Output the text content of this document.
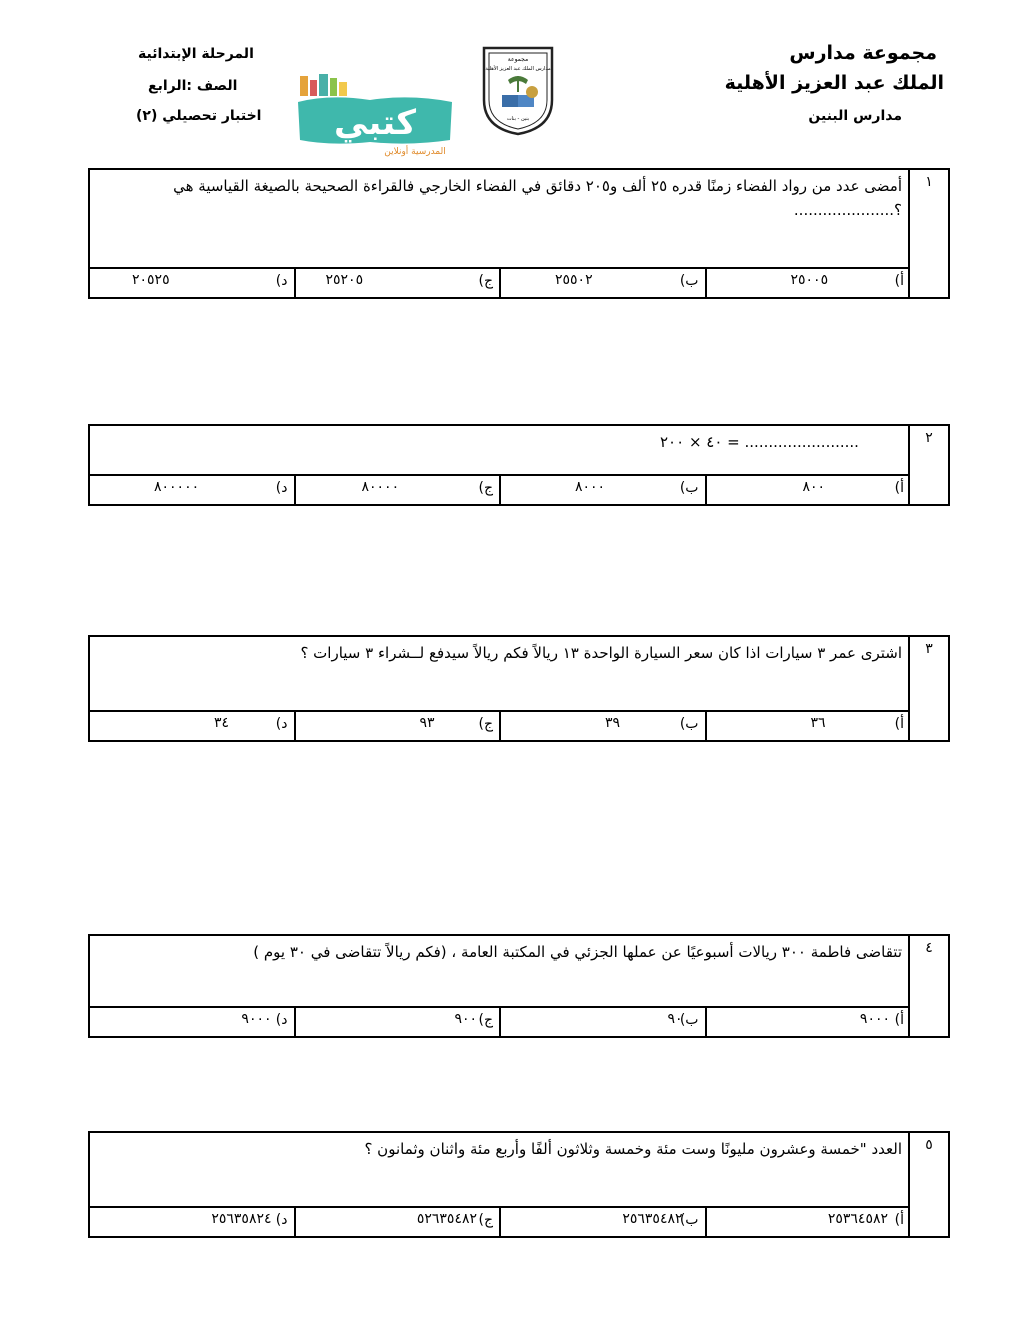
مجموعة مدارس
الملك عبد العزيز الأهلية
مدارس البنين
المرحلة الإبتدائية
الصف :الرابع
اختبار تحصيلي (٢)
مجموعة
مدارس الملك عبد العزيز الأهلية
بنين - بنات
كتبي
المدرسية أونلاين
١
أمضى عدد من رواد الفضاء زمنًا قدره ٢٥ ألف و٢٠٥ دقائق في الفضاء الخارجي فالقراءة الصحيحة بالصيغة القياسية هي ؟.....................
أ)
٢٥٠٠٥
ب)
٢٥٥٠٢
ج)
٢٥٢٠٥
د)
٢٠٥٢٥
٢
٤٠ × ٢٠٠ = ........................
أ)
٨٠٠
ب)
٨٠٠٠
ج)
٨٠٠٠٠
د)
٨٠٠٠٠٠
٣
اشترى عمر ٣ سيارات اذا كان سعر السيارة الواحدة ١٣ ريالاً فكم ريالاً سيدفع لــشراء ٣ سيارات ؟
أ)
٣٦
ب)
٣٩
ج)
٩٣
د)
٣٤
٤
تتقاضى فاطمة ٣٠٠ ريالات أسبوعيًا عن عملها الجزئي في المكتبة العامة ، (فكم ريالاً تتقاضى في ٣٠ يوم )
أ)
٩٠٠٠
ب)
٩٠
ج)
٩٠٠
د)
٩٠٠٠
٥
العدد "خمسة وعشرون مليونًا وست مئة وخمسة وثلاثون ألفًا وأربع مئة واثنان وثمانون ؟
أ)
٢٥٣٦٤٥٨٢
ب)
٢٥٦٣٥٤٨٢
ج)
٥٢٦٣٥٤٨٢
د)
٢٥٦٣٥٨٢٤
